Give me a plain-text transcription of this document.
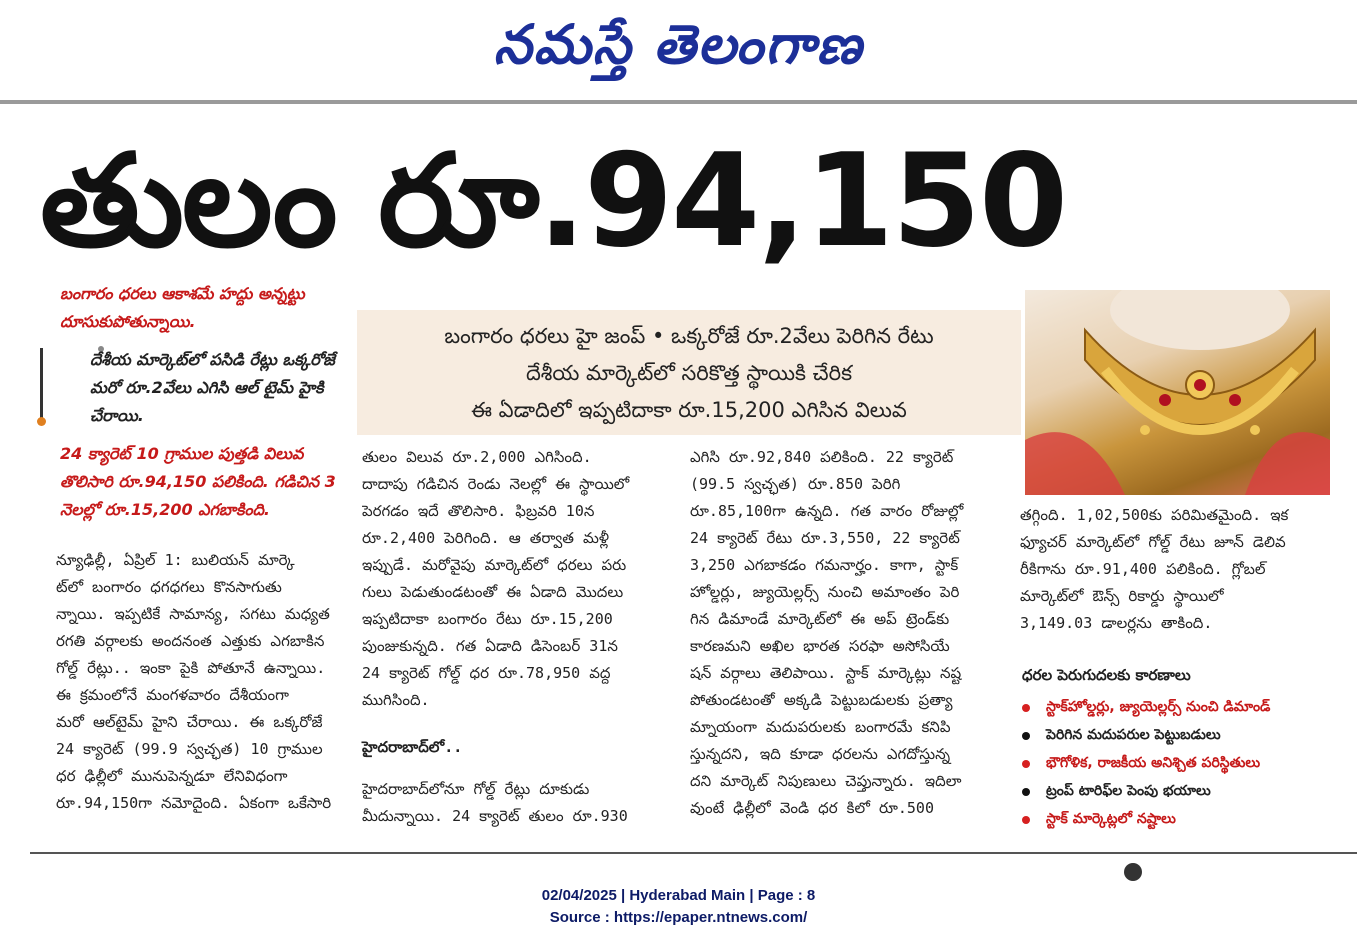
నమస్తే తెలంగాణ
తులం రూ.94,150
బంగారం ధరలు ఆకాశమే హద్దు అన్నట్టు దూసుకుపోతున్నాయి.
దేశీయ మార్కెట్‌లో పసిడి రేట్లు ఒక్కరోజే మరో రూ.2వేలు ఎగిసి ఆల్ టైమ్ హైకి చేరాయి.
24 క్యారెట్ 10 గ్రాముల పుత్తడి విలువ తొలిసారి రూ.94,150 పలికింది. గడిచిన 3 నెలల్లో రూ.15,200 ఎగబాకింది.
బంగారం ధరలు హై జంప్ • ఒక్కరోజే రూ.2వేలు పెరిగిన రేటు
దేశీయ మార్కెట్‌లో సరికొత్త స్థాయికి చేరిక
ఈ ఏడాదిలో ఇప్పటిదాకా రూ.15,200 ఎగిసిన విలువ
న్యూఢిల్లీ, ఏప్రిల్ 1: బులియన్ మార్కె
ట్‌లో బంగారం ధగధగలు కొనసాగుతు
న్నాయి. ఇప్పటికే సామాన్య, సగటు మధ్యత
రగతి వర్గాలకు అందనంత ఎత్తుకు ఎగబాకిన
గోల్డ్ రేట్లు.. ఇంకా పైకి పోతూనే ఉన్నాయి.
ఈ క్రమంలోనే మంగళవారం దేశీయంగా
మరో ఆల్‌టైమ్ హైని చేరాయి. ఈ ఒక్కరోజే
24 క్యారెట్ (99.9 స్వచ్ఛత) 10 గ్రాముల
ధర ఢిల్లీలో మునుపెన్నడూ లేనివిధంగా
రూ.94,150గా నమోదైంది. ఏకంగా ఒకేసారి
తులం విలువ రూ.2,000 ఎగిసింది.
దాదాపు గడిచిన రెండు నెలల్లో ఈ స్థాయిలో
పెరగడం ఇదే తొలిసారి. ఫిబ్రవరి 10న
రూ.2,400 పెరిగింది. ఆ తర్వాత మళ్లీ
ఇప్పుడే. మరోవైపు మార్కెట్‌లో ధరలు పరు
గులు పెడుతుండటంతో ఈ ఏడాది మొదలు
ఇప్పటిదాకా బంగారం రేటు రూ.15,200
పుంజుకున్నది. గత ఏడాది డిసెంబర్ 31న
24 క్యారెట్ గోల్డ్ ధర రూ.78,950 వద్ద
ముగిసింది.
హైదరాబాద్‌లో..
హైదరాబాద్‌లోనూ గోల్డ్ రేట్లు దూకుడు
మీదున్నాయి. 24 క్యారెట్ తులం రూ.930
ఎగిసి రూ.92,840 పలికింది. 22 క్యారెట్
(99.5 స్వచ్ఛత) రూ.850 పెరిగి
రూ.85,100గా ఉన్నది. గత వారం రోజుల్లో
24 క్యారెట్ రేటు రూ.3,550, 22 క్యారెట్
3,250 ఎగబాకడం గమనార్హం. కాగా, స్టాక్
హోల్డర్లు, జ్యుయెల్లర్స్ నుంచి అమాంతం పెరి
గిన డిమాండే మార్కెట్‌లో ఈ అప్ ట్రెండ్‌కు
కారణమని అఖిల భారత సరఫా అసోసియే
షన్ వర్గాలు తెలిపాయి. స్టాక్ మార్కెట్లు నష్ట
పోతుండటంతో అక్కడి పెట్టుబడులకు ప్రత్యా
మ్నాయంగా మదుపరులకు బంగారమే కనిపి
స్తున్నదని, ఇది కూడా ధరలను ఎగదోస్తున్న
దని మార్కెట్ నిపుణులు చెప్తున్నారు. ఇదిలా
వుంటే ఢిల్లీలో వెండి ధర కిలో రూ.500
తగ్గింది. 1,02,500కు పరిమితమైంది. ఇక
ఫ్యూచర్ మార్కెట్‌లో గోల్డ్ రేటు జూన్ డెలివ
రీకిగాను రూ.91,400 పలికింది. గ్లోబల్
మార్కెట్‌లో ఔన్స్ రికార్డు స్థాయిలో
3,149.03 డాలర్లను తాకింది.
ధరల పెరుగుదలకు కారణాలు
స్టాక్‌హోల్డర్లు, జ్యుయెల్లర్స్ నుంచి డిమాండ్
పెరిగిన మదుపరుల పెట్టుబడులు
భౌగోళిక, రాజకీయ అనిశ్చిత పరిస్థితులు
ట్రంప్ టారిఫ్‌ల పెంపు భయాలు
స్టాక్ మార్కెట్లలో నష్టాలు
02/04/2025 | Hyderabad Main | Page : 8
Source : https://epaper.ntnews.com/
